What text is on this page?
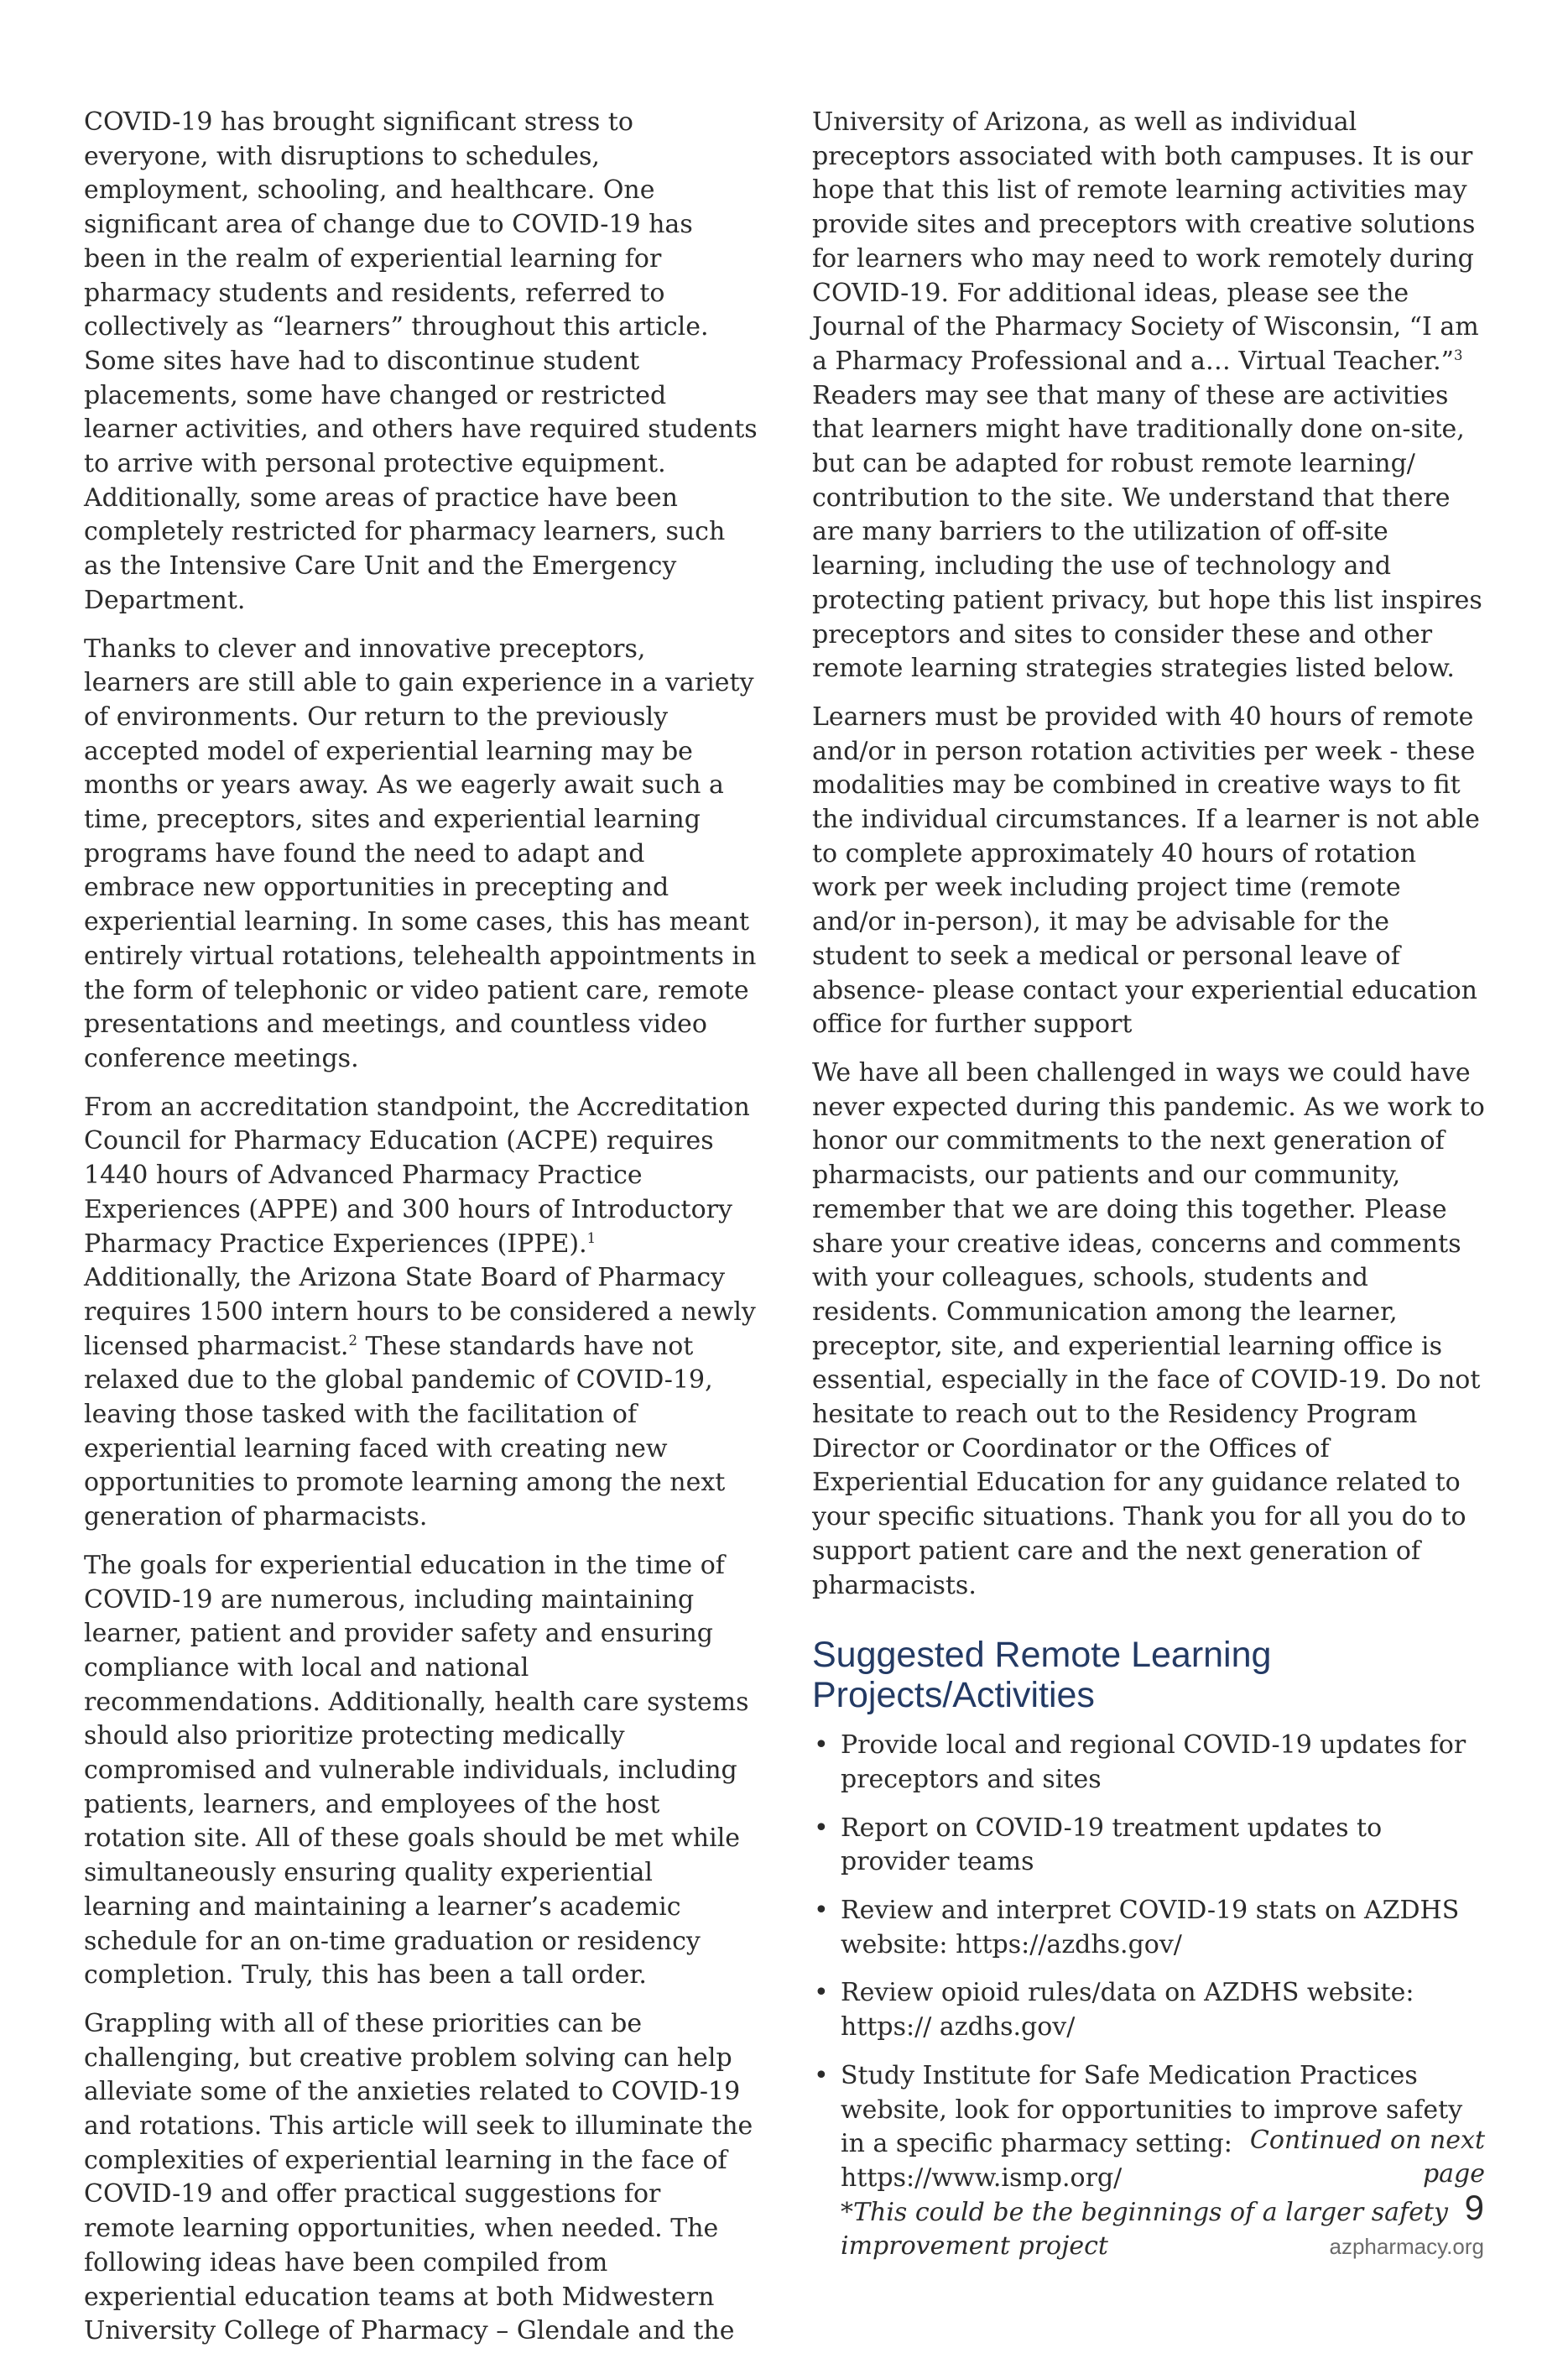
COVID-19 has brought significant stress to everyone, with disruptions to schedules, employment, schooling, and healthcare. One significant area of change due to COVID-19 has been in the realm of experiential learning for pharmacy students and residents, referred to collectively as “learners” throughout this article. Some sites have had to discontinue student placements, some have changed or restricted learner activities, and others have required students to arrive with personal protective equipment. Additionally, some areas of practice have been completely restricted for pharmacy learners, such as the Intensive Care Unit and the Emergency Department.

Thanks to clever and innovative preceptors, learners are still able to gain experience in a variety of environments. Our return to the previously accepted model of experiential learning may be months or years away. As we eagerly await such a time, preceptors, sites and experiential learning programs have found the need to adapt and embrace new opportunities in precepting and experiential learning. In some cases, this has meant entirely virtual rotations, telehealth appointments in the form of telephonic or video patient care, remote presentations and meetings, and countless video conference meetings.

From an accreditation standpoint, the Accreditation Council for Pharmacy Education (ACPE) requires 1440 hours of Advanced Pharmacy Practice Experiences (APPE) and 300 hours of Introductory Pharmacy Practice Experiences (IPPE).$^1$ Additionally, the Arizona State Board of Pharmacy requires 1500 intern hours to be considered a newly licensed pharmacist.$^2$ These standards have not relaxed due to the global pandemic of COVID-19, leaving those tasked with the facilitation of experiential learning faced with creating new opportunities to promote learning among the next generation of pharmacists.

The goals for experiential education in the time of COVID-19 are numerous, including maintaining learner, patient and provider safety and ensuring compliance with local and national recommendations. Additionally, health care systems should also prioritize protecting medically compromised and vulnerable individuals, including patients, learners, and employees of the host rotation site. All of these goals should be met while simultaneously ensuring quality experiential learning and maintaining a learner’s academic schedule for an on-time graduation or residency completion. Truly, this has been a tall order.

Grappling with all of these priorities can be challenging, but creative problem solving can help alleviate some of the anxieties related to COVID-19 and rotations. This article will seek to illuminate the complexities of experiential learning in the face of COVID-19 and offer practical suggestions for remote learning opportunities, when needed. The following ideas have been compiled from experiential education teams at both Midwestern University College of Pharmacy – Glendale and the

University of Arizona, as well as individual preceptors associated with both campuses. It is our hope that this list of remote learning activities may provide sites and preceptors with creative solutions for learners who may need to work remotely during COVID-19. For additional ideas, please see the Journal of the Pharmacy Society of Wisconsin, “I am a Pharmacy Professional and a… Virtual Teacher.”$^3$ Readers may see that many of these are activities that learners might have traditionally done on-site, but can be adapted for robust remote learning/ contribution to the site. We understand that there are many barriers to the utilization of off-site learning, including the use of technology and protecting patient privacy, but hope this list inspires preceptors and sites to consider these and other remote learning strategies strategies listed below.

Learners must be provided with 40 hours of remote and/or in person rotation activities per week - these modalities may be combined in creative ways to fit the individual circumstances. If a learner is not able to complete approximately 40 hours of rotation work per week including project time (remote and/or in-person), it may be advisable for the student to seek a medical or personal leave of absence- please contact your experiential education office for further support

We have all been challenged in ways we could have never expected during this pandemic. As we work to honor our commitments to the next generation of pharmacists, our patients and our community, remember that we are doing this together. Please share your creative ideas, concerns and comments with your colleagues, schools, students and residents. Communication among the learner, preceptor, site, and experiential learning office is essential, especially in the face of COVID-19. Do not hesitate to reach out to the Residency Program Director or Coordinator or the Offices of Experiential Education for any guidance related to your specific situations. Thank you for all you do to support patient care and the next generation of pharmacists.

Suggested Remote Learning Projects/Activities
• Provide local and regional COVID-19 updates for preceptors and sites
• Report on COVID-19 treatment updates to provider teams
• Review and interpret COVID-19 stats on AZDHS website: https://azdhs.gov/
• Review opioid rules/data on AZDHS website: https:// azdhs.gov/
• Study Institute for Safe Medication Practices website, look for opportunities to improve safety in a specific pharmacy setting: https://www.ismp.org/
*This could be the beginnings of a larger safety improvement project
Continued on next page
9
azpharmacy.org
